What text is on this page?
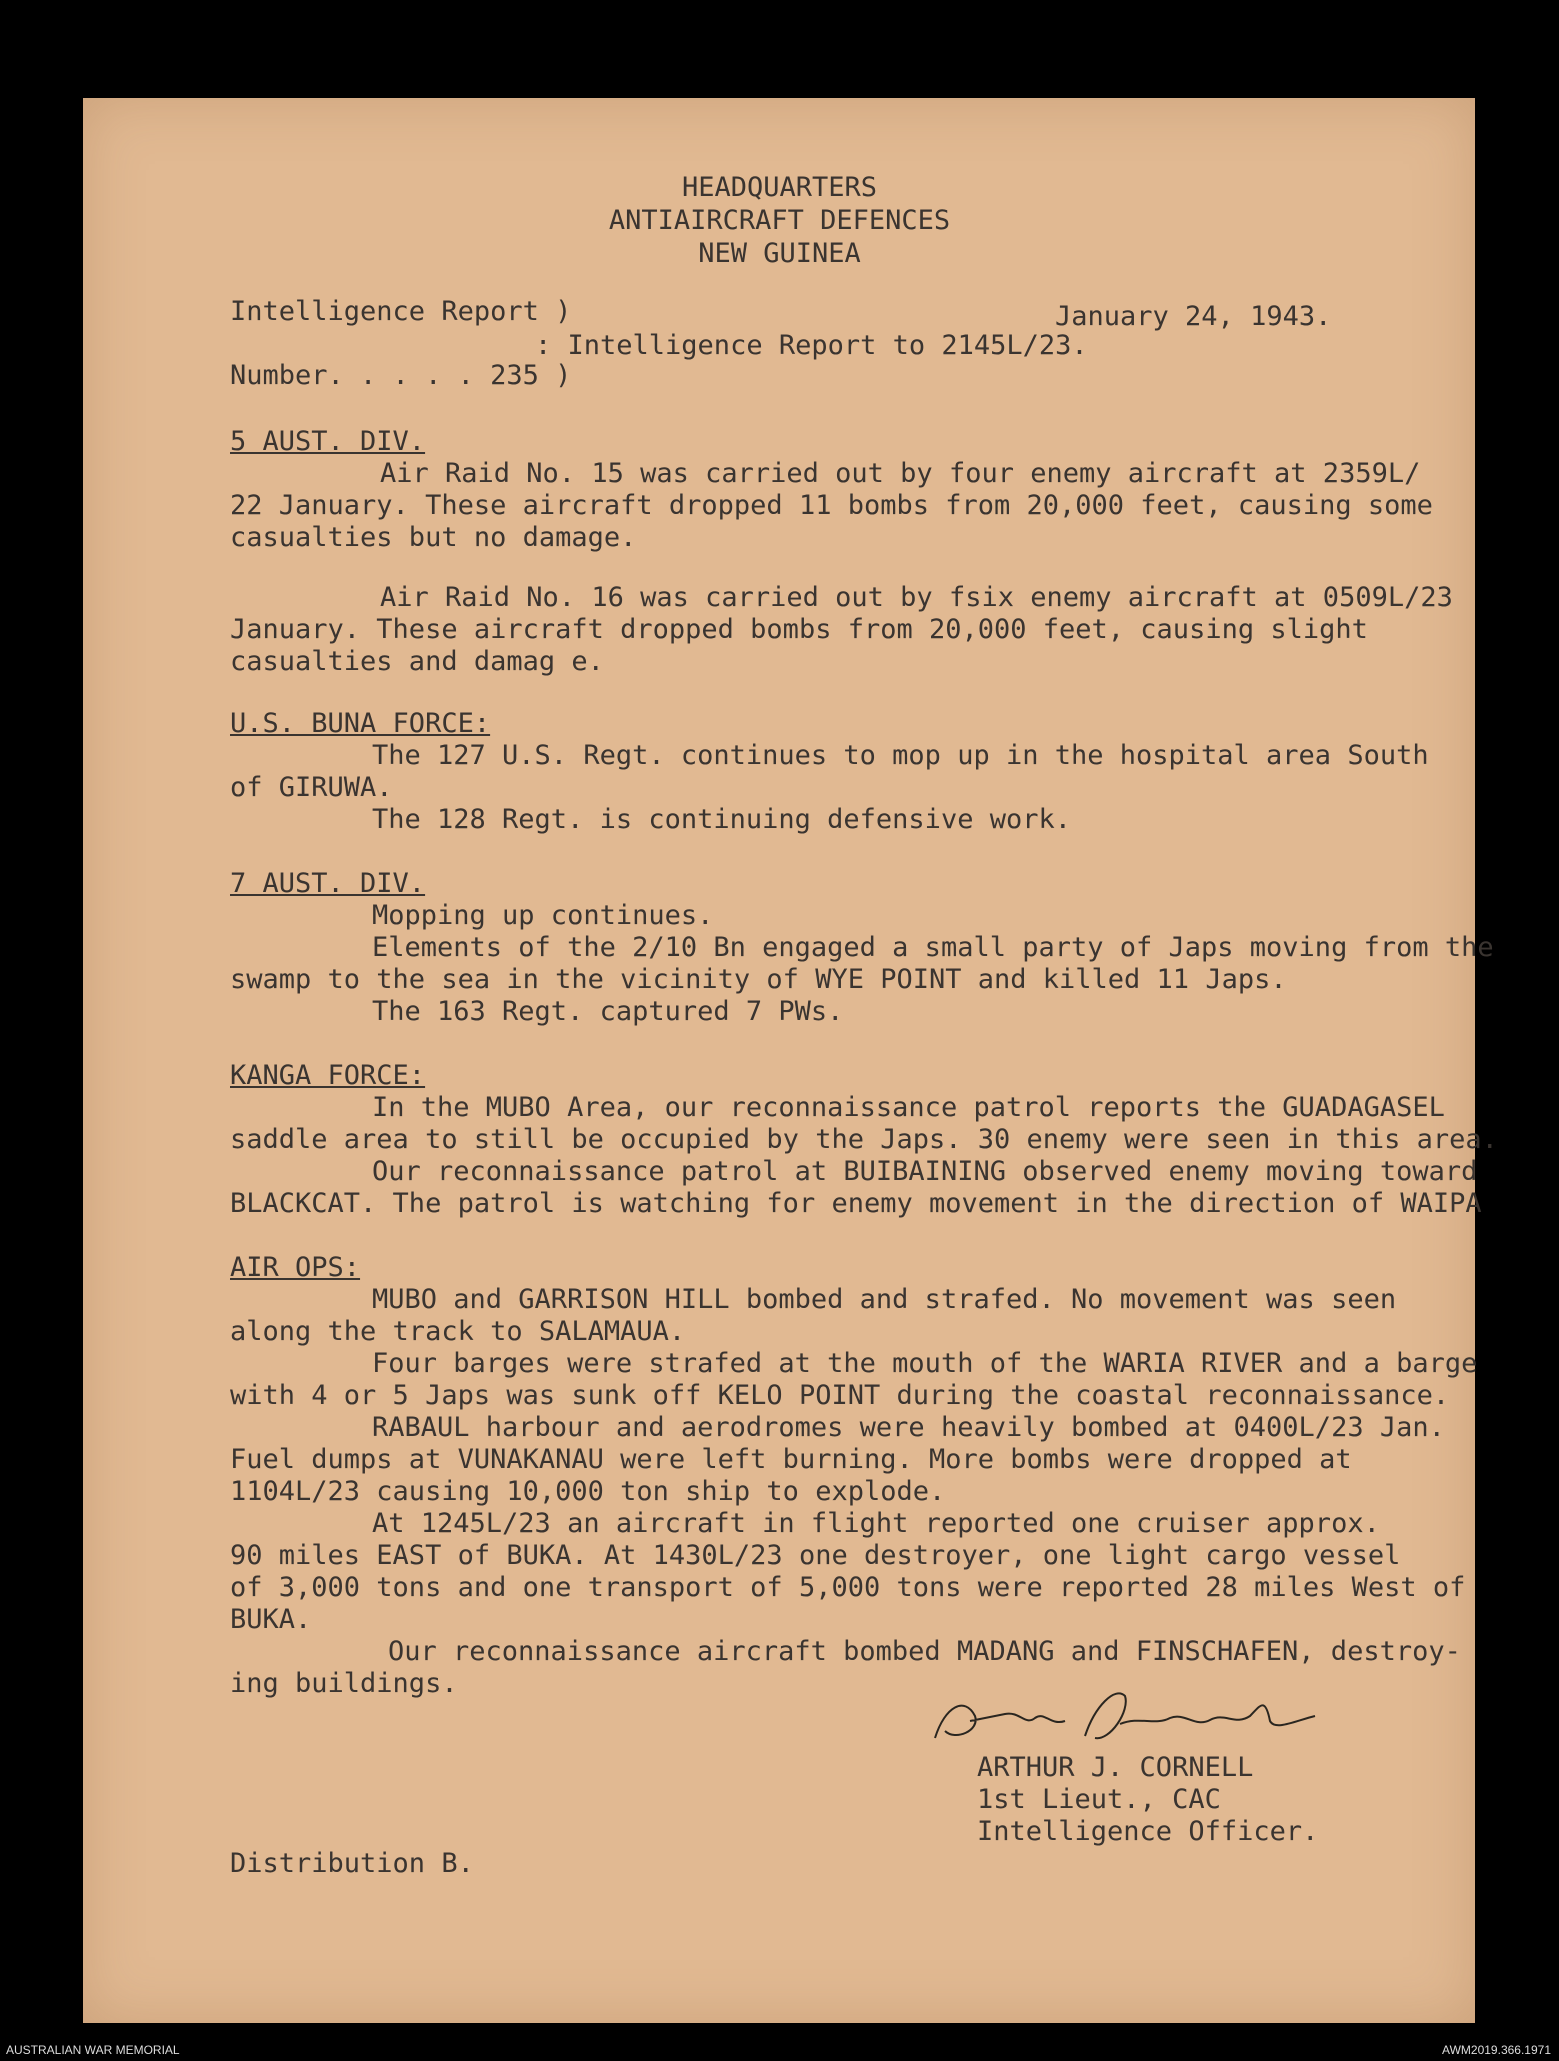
HEADQUARTERS
ANTIAIRCRAFT DEFENCES
NEW GUINEA
Intelligence Report )	January 24, 1943.
: Intelligence Report to 2145L/23.
Number. . . . . 235 )
5 AUST. DIV.
Air Raid No. 15 was carried out by four enemy aircraft at 2359L/
22 January. These aircraft dropped 11 bombs from 20,000 feet, causing some
casualties but no damage.
Air Raid No. 16 was carried out by fsix enemy aircraft at 0509L/23
January. These aircraft dropped bombs from 20,000 feet, causing slight
casualties and damag e.
U.S. BUNA FORCE:
The 127 U.S. Regt. continues to mop up in the hospital area South
of GIRUWA.
The 128 Regt. is continuing defensive work.
7 AUST. DIV.
Mopping up continues.
Elements of the 2/10 Bn engaged a small party of Japs moving from the
swamp to the sea in the vicinity of WYE POINT and killed 11 Japs.
The 163 Regt. captured 7 PWs.
KANGA FORCE:
In the MUBO Area, our reconnaissance patrol reports the GUADAGASEL
saddle area to still be occupied by the Japs. 30 enemy were seen in this area.
Our reconnaissance patrol at BUIBAINING observed enemy moving toward
BLACKCAT. The patrol is watching for enemy movement in the direction of WAIPA
AIR OPS:
MUBO and GARRISON HILL bombed and strafed. No movement was seen
along the track to SALAMAUA.
Four barges were strafed at the mouth of the WARIA RIVER and a barge
with 4 or 5 Japs was sunk off KELO POINT during the coastal reconnaissance.
RABAUL harbour and aerodromes were heavily bombed at 0400L/23 Jan.
Fuel dumps at VUNAKANAU were left burning. More bombs were dropped at
1104L/23 causing 10,000 ton ship to explode.
At 1245L/23 an aircraft in flight reported one cruiser approx.
90 miles EAST of BUKA. At 1430L/23 one destroyer, one light cargo vessel
of 3,000 tons and one transport of 5,000 tons were reported 28 miles West of
BUKA.
Our reconnaissance aircraft bombed MADANG and FINSCHAFEN, destroy-
ing buildings.
ARTHUR J. CORNELL
1st Lieut., CAC
Intelligence Officer.
Distribution B.
AUSTRALIAN WAR MEMORIAL	AWM2019.366.1971
